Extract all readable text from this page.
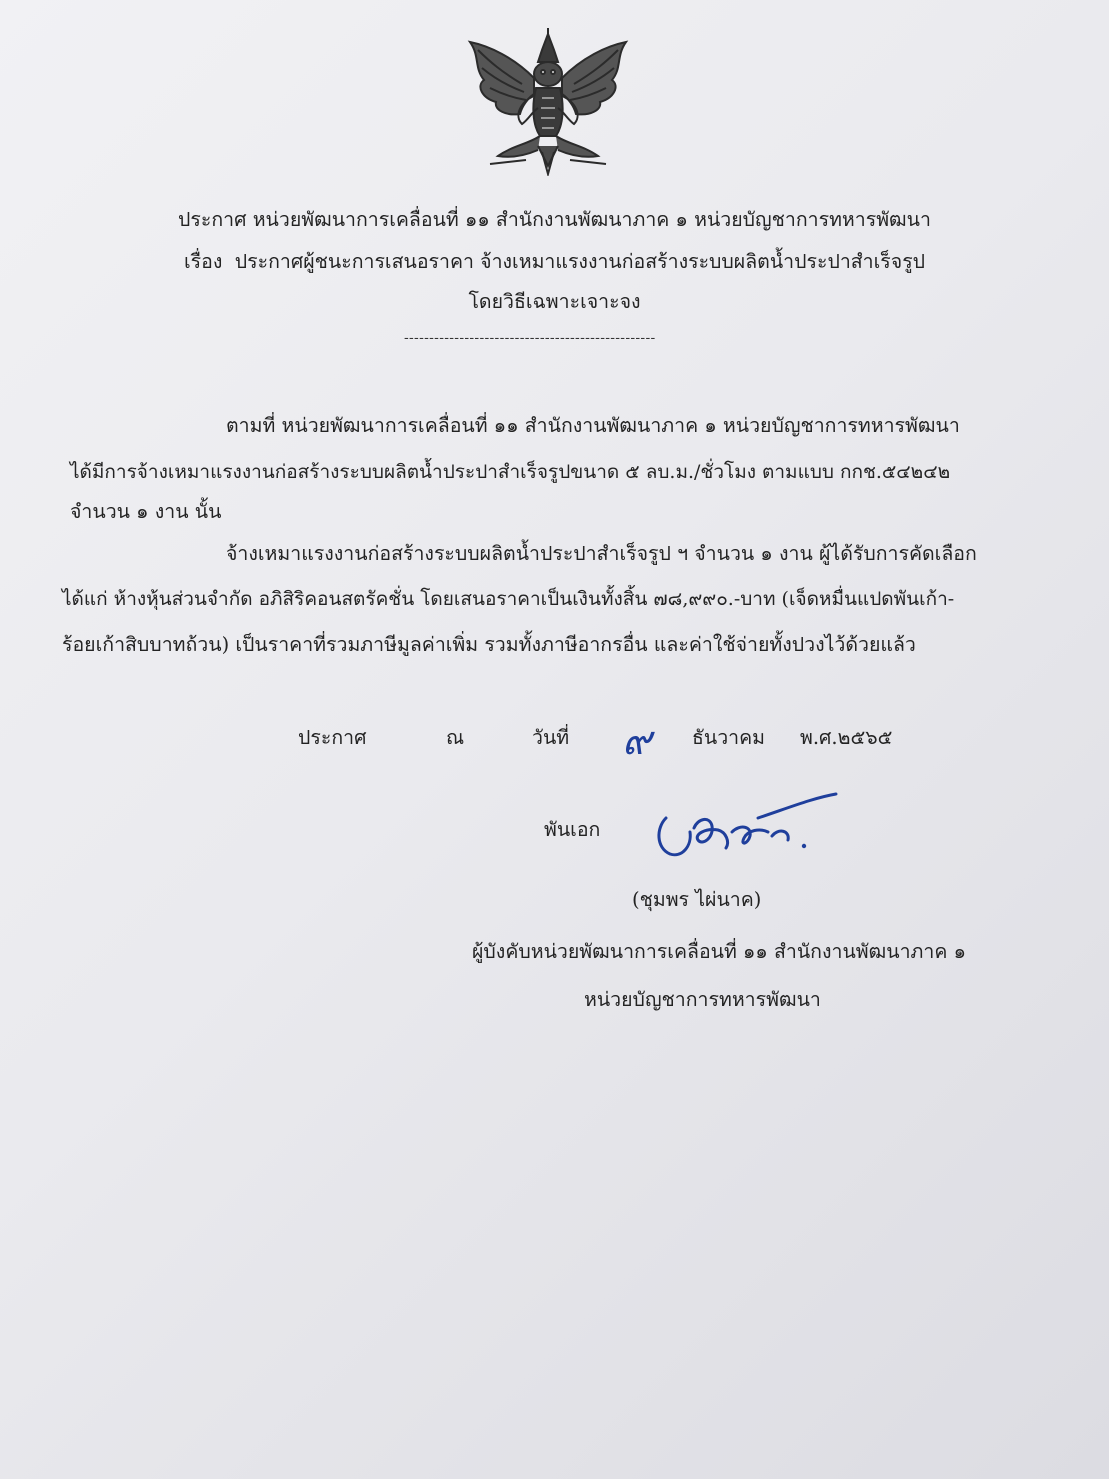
ประกาศ หน่วยพัฒนาการเคลื่อนที่ ๑๑ สำนักงานพัฒนาภาค ๑ หน่วยบัญชาการทหารพัฒนา
เรื่อง ประกาศผู้ชนะการเสนอราคา จ้างเหมาแรงงานก่อสร้างระบบผลิตน้ำประปาสำเร็จรูป
โดยวิธีเฉพาะเจาะจง
--------------------------------------------------
ตามที่ หน่วยพัฒนาการเคลื่อนที่ ๑๑ สำนักงานพัฒนาภาค ๑ หน่วยบัญชาการทหารพัฒนา
ได้มีการจ้างเหมาแรงงานก่อสร้างระบบผลิตน้ำประปาสำเร็จรูปขนาด ๕ ลบ.ม./ชั่วโมง ตามแบบ กกช.๕๔๒๔๒
จำนวน ๑ งาน นั้น
จ้างเหมาแรงงานก่อสร้างระบบผลิตน้ำประปาสำเร็จรูป ฯ จำนวน ๑ งาน ผู้ได้รับการคัดเลือก
ได้แก่ ห้างหุ้นส่วนจำกัด อภิสิริคอนสตรัคชั่น โดยเสนอราคาเป็นเงินทั้งสิ้น ๗๘,๙๙๐.-บาท (เจ็ดหมื่นแปดพันเก้า-
ร้อยเก้าสิบบาทถ้วน) เป็นราคาที่รวมภาษีมูลค่าเพิ่ม รวมทั้งภาษีอากรอื่น และค่าใช้จ่ายทั้งปวงไว้ด้วยแล้ว
ประกาศ	ณ	วันที่ ๙ ธันวาคม พ.ศ.๒๕๖๕
พันเอก
(ชุมพร ไผ่นาค)
ผู้บังคับหน่วยพัฒนาการเคลื่อนที่ ๑๑ สำนักงานพัฒนาภาค ๑
หน่วยบัญชาการทหารพัฒนา
